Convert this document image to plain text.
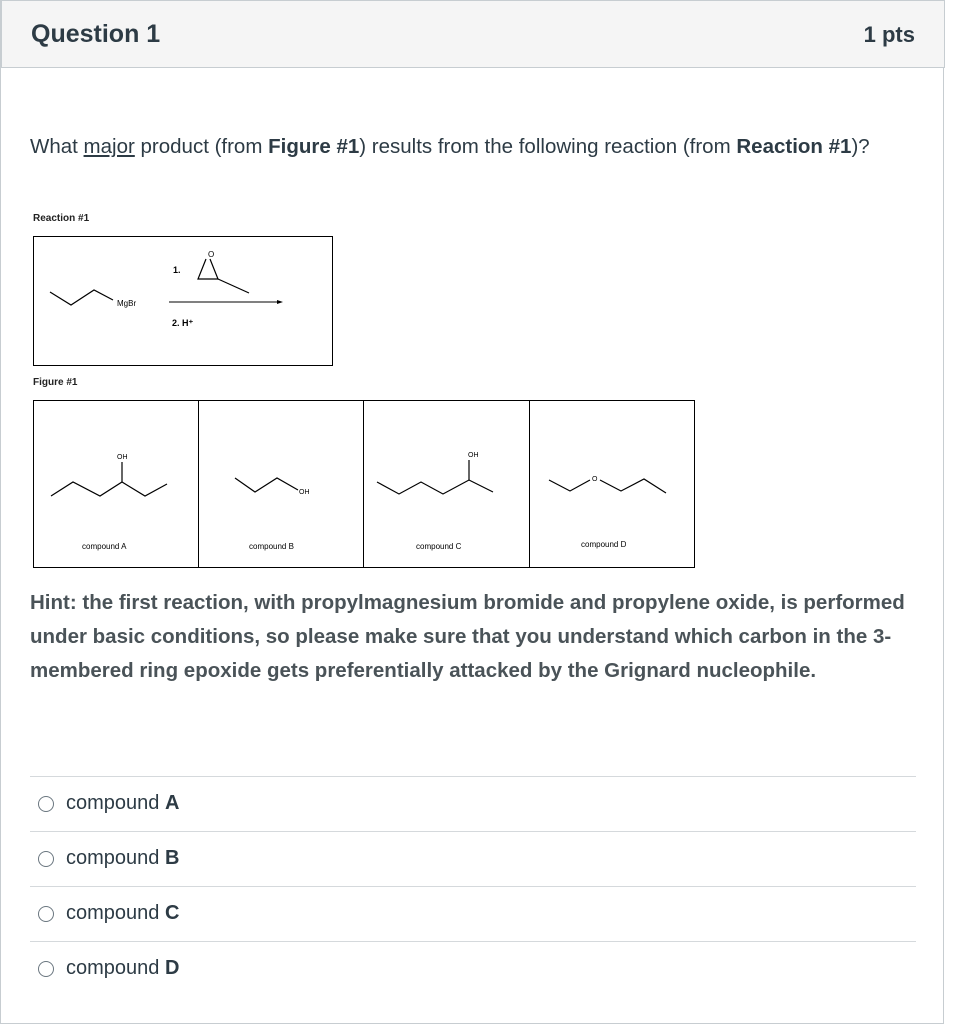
Question 1	1 pts
What major product (from Figure #1) results from the following reaction (from Reaction #1)?
Reaction #1
MgBr
1.
O
2. H⁺
Figure #1
OH
compound A
OH
compound B
OH
compound C
O
compound D
Hint: the first reaction, with propylmagnesium bromide and propylene oxide, is performed under basic conditions, so please make sure that you understand which carbon in the 3-membered ring epoxide gets preferentially attacked by the Grignard nucleophile.
compound A
compound B
compound C
compound D
